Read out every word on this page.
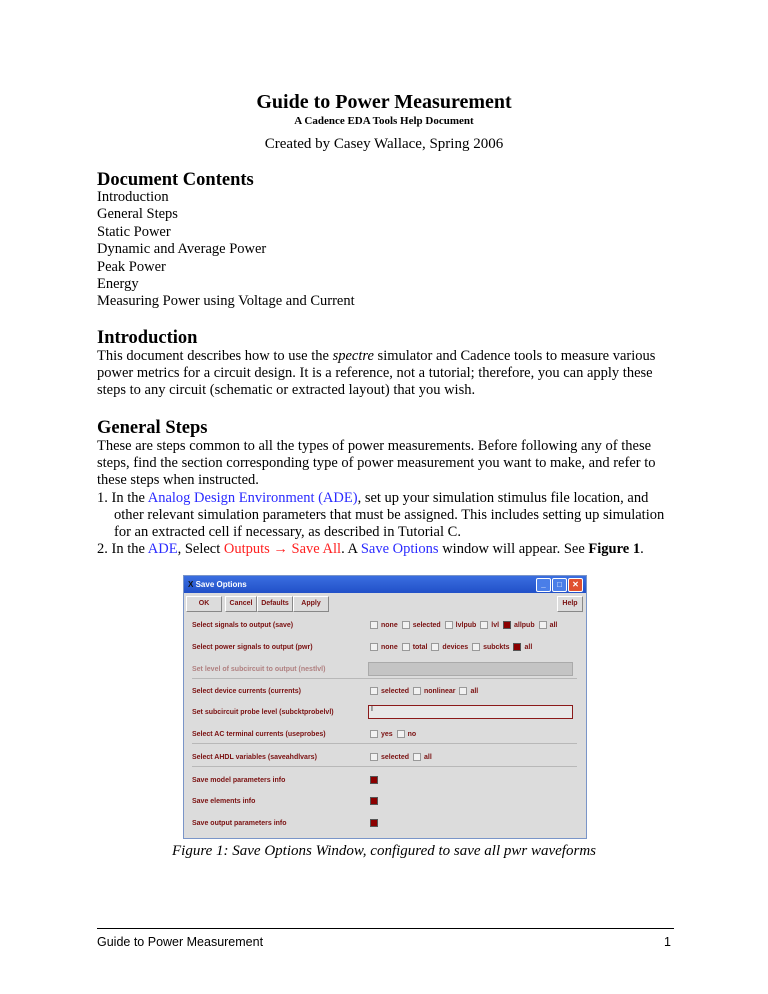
Guide to Power Measurement
A Cadence EDA Tools Help Document
Created by Casey Wallace, Spring 2006
Document Contents
Introduction
General Steps
Static Power
Dynamic and Average Power
Peak Power
Energy
Measuring Power using Voltage and Current
Introduction
This document describes how to use the spectre simulator and Cadence tools to measure various power metrics for a circuit design. It is a reference, not a tutorial; therefore, you can apply these steps to any circuit (schematic or extracted layout) that you wish.
General Steps
These are steps common to all the types of power measurements. Before following any of these steps, find the section corresponding type of power measurement you want to make, and refer to these steps when instructed.
1. In the Analog Design Environment (ADE), set up your simulation stimulus file location, and other relevant simulation parameters that must be assigned. This includes setting up simulation for an extracted cell if necessary, as described in Tutorial C.
2. In the ADE, Select Outputs → Save All. A Save Options window will appear. See Figure 1.
X Save Options	_	□	✕
OK	Cancel	Defaults	Apply	Help
Select signals to output (save)	none selected lvlpub lvl allpub all
Select power signals to output (pwr)	none total devices subckts all
Set level of subcircuit to output (nestlvl)
Select device currents (currents)	selected nonlinear all
Set subcircuit probe level (subcktprobelvl)	I
Select AC terminal currents (useprobes)	yes no
Select AHDL variables (saveahdlvars)	selected all
Save model parameters info
Save elements info
Save output parameters info
Figure 1: Save Options Window, configured to save all pwr waveforms
Guide to Power Measurement	1
